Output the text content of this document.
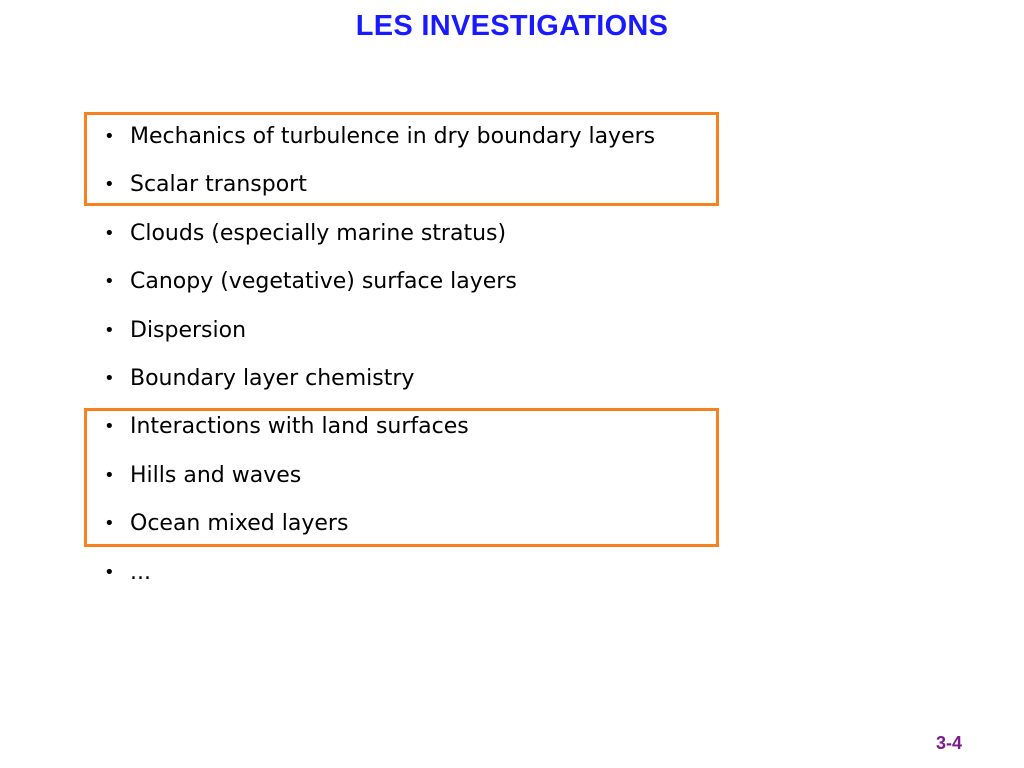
LES INVESTIGATIONS
• Mechanics of turbulence in dry boundary layers
• Scalar transport
• Clouds (especially marine stratus)
• Canopy (vegetative) surface layers
• Dispersion
• Boundary layer chemistry
• Interactions with land surfaces
• Hills and waves
• Ocean mixed layers
• ...
3-4
